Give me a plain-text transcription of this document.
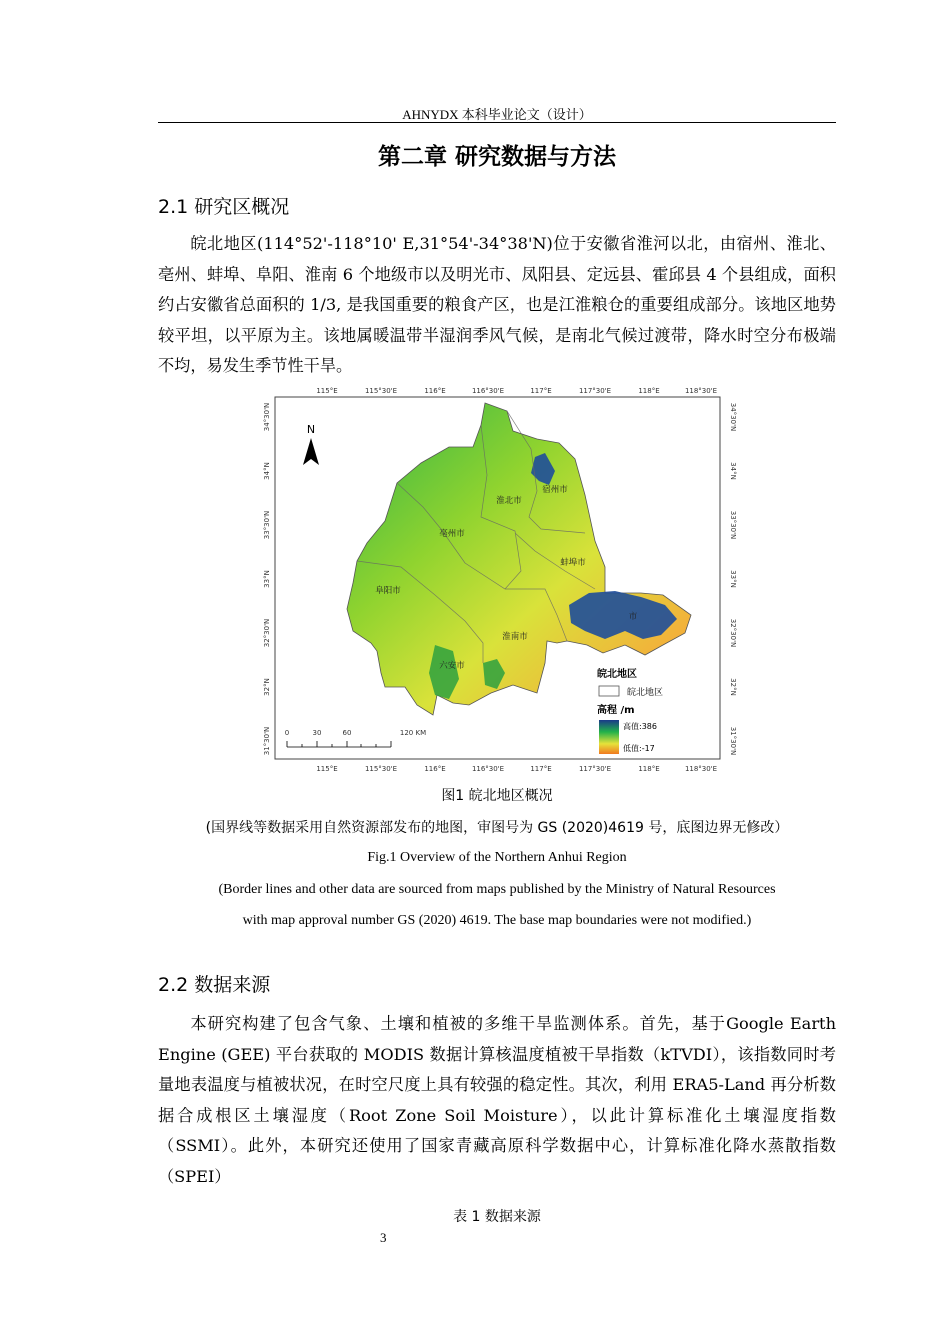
AHNYDX 本科毕业论文（设计）
第二章 研究数据与方法
2.1 研究区概况
皖北地区(114°52'-118°10' E,31°54'-34°38'N)位于安徽省淮河以北，由宿州、淮北、亳州、蚌埠、阜阳、淮南 6 个地级市以及明光市、凤阳县、定远县、霍邱县 4 个县组成，面积约占安徽省总面积的 1/3, 是我国重要的粮食产区，也是江淮粮仓的重要组成部分。该地区地势较平坦，以平原为主。该地属暖温带半湿润季风气候，是南北气候过渡带，降水时空分布极端不均，易发生季节性干旱。
115°E	115°30'E	116°E	116°30'E	117°E	117°30'E	118°E	118°30'E
115°E	115°30'E	116°E	116°30'E	117°E	117°30'E	118°E	118°30'E
34°30'N
34°N
33°30'N
33°N
32°30'N
32°N
31°30'N
34°30'N
34°N
33°30'N
33°N
32°30'N
32°N
31°30'N
N
宿州市
淮北市
亳州市
蚌埠市
阜阳市
市
淮南市
六安市
0	30	60	120 KM
皖北地区
皖北地区
高程 /m
高值:386
低值:-17
图1 皖北地区概况
(国界线等数据采用自然资源部发布的地图，审图号为 GS (2020)4619 号，底图边界无修改）
Fig.1 Overview of the Northern Anhui Region
(Border lines and other data are sourced from maps published by the Ministry of Natural Resources
with map approval number GS (2020) 4619. The base map boundaries were not modified.)
2.2 数据来源
本研究构建了包含气象、土壤和植被的多维干旱监测体系。首先，基于Google Earth Engine (GEE) 平台获取的 MODIS 数据计算核温度植被干旱指数（kTVDI），该指数同时考量地表温度与植被状况，在时空尺度上具有较强的稳定性。其次，利用 ERA5-Land 再分析数据合成根区土壤湿度（Root Zone Soil Moisture），以此计算标准化土壤湿度指数（SSMI）。此外，本研究还使用了国家青藏高原科学数据中心，计算标准化降水蒸散指数（SPEI）
表 1 数据来源
3
